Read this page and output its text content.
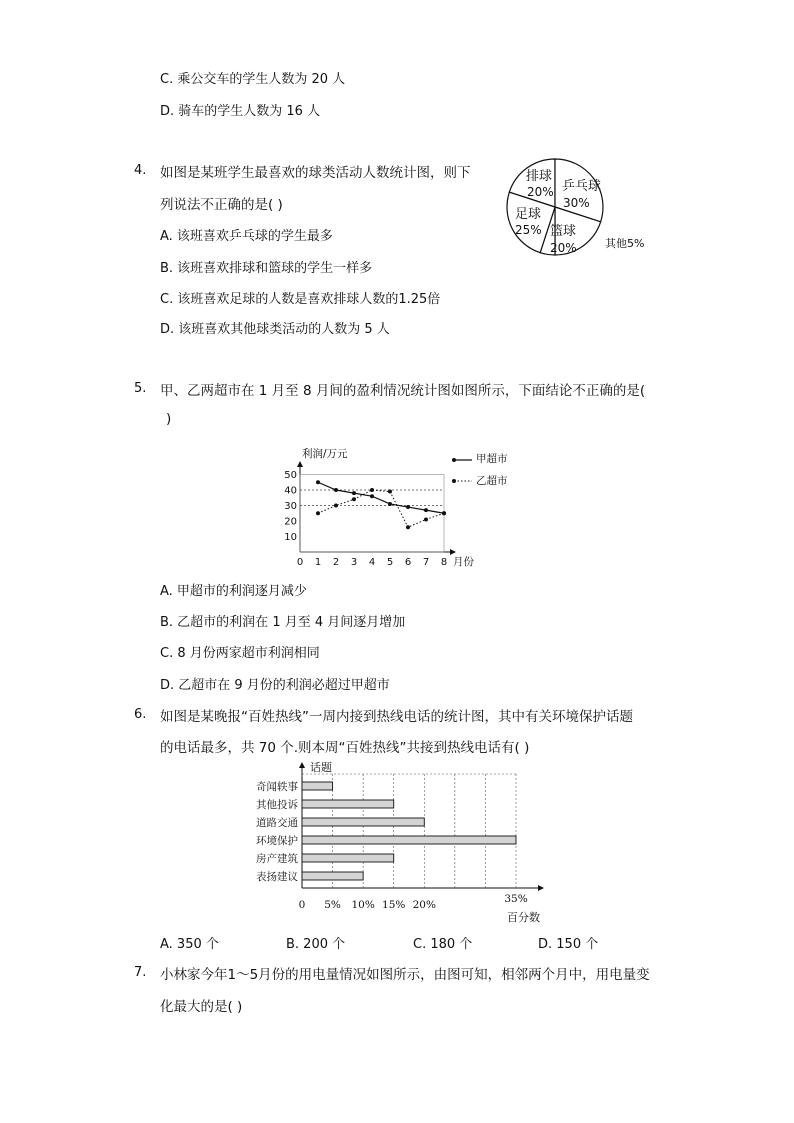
C. 乘公交车的学生人数为 20 人
D. 骑车的学生人数为 16 人
4. 如图是某班学生最喜欢的球类活动人数统计图，则下
列说法不正确的是( )
A. 该班喜欢乒乓球的学生最多
B. 该班喜欢排球和篮球的学生一样多
C. 该班喜欢足球的人数是喜欢排球人数的1.25倍
D. 该班喜欢其他球类活动的人数为 5 人
排球
20% 乒乓球
30%
篮球
20%
足球
25%
其他5%
5. 甲、乙两超市在 1 月至 8 月间的盈利情况统计图如图所示，下面结论不正确的是(
)
10
20
30
40
50
0 1 2 3 4 5 6 7 8
利润/万元
月份
甲超市
乙超市
A. 甲超市的利润逐月减少
B. 乙超市的利润在 1 月至 4 月间逐月增加
C. 8 月份两家超市利润相同
D. 乙超市在 9 月份的利润必超过甲超市
6. 如图是某晚报“百姓热线”一周内接到热线电话的统计图，其中有关环境保护话题
的电话最多，共 70 个.则本周“百姓热线”共接到热线电话有( )
0 5% 10% 15% 20%	35%
奇闻轶事
其他投诉
道路交通
环境保护
房产建筑
表扬建议
话题
百分数
A. 350 个	B. 200 个	C. 180 个	D. 150 个
7. 小林家今年1～5月份的用电量情况如图所示，由图可知，相邻两个月中，用电量变
化最大的是( )
